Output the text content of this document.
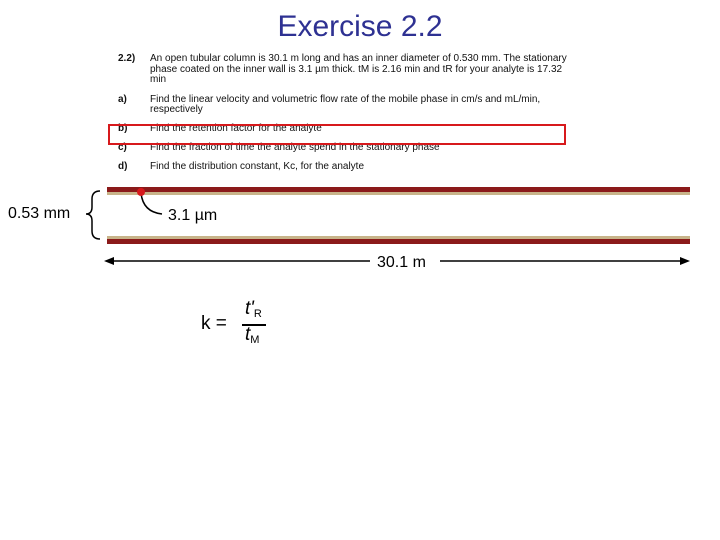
Exercise 2.2
2.2) An open tubular column is 30.1 m long and has an inner diameter of 0.530 mm. The stationary phase coated on the inner wall is 3.1 µm thick. tM is 2.16 min and tR for your analyte is 17.32 min
a) Find the linear velocity and volumetric flow rate of the mobile phase in cm/s and mL/min, respectively
b) Find the retention factor for the analyte
c) Find the fraction of time the analyte spend in the stationary phase
d) Find the distribution constant, Kc, for the analyte
0.53 mm	3.1 µm
30.1 m
k =
$t'_R$
$t_M$
